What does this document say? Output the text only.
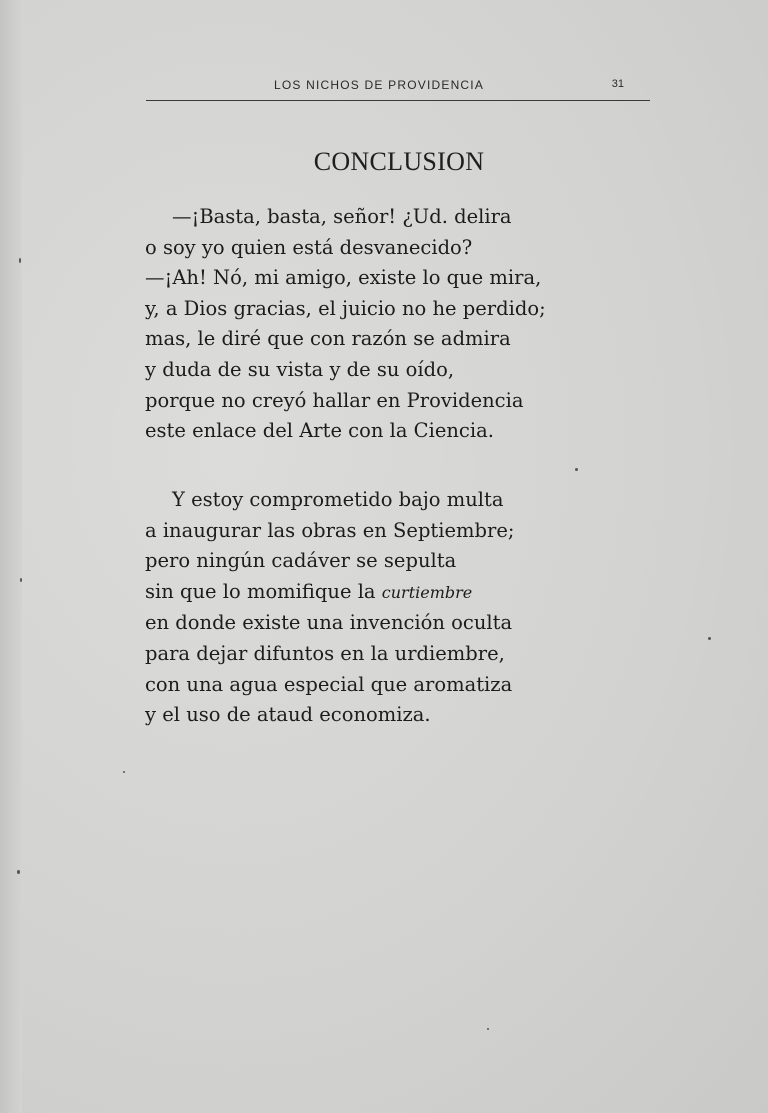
LOS NICHOS DE PROVIDENCIA	31
CONCLUSION
—¡Basta, basta, señor! ¿Ud. delira
o soy yo quien está desvanecido?
—¡Ah! Nó, mi amigo, existe lo que mira,
y, a Dios gracias, el juicio no he perdido;
mas, le diré que con razón se admira
y duda de su vista y de su oído,
porque no creyó hallar en Providencia
este enlace del Arte con la Ciencia.
Y estoy comprometido bajo multa
a inaugurar las obras en Septiembre;
pero ningún cadáver se sepulta
sin que lo momifique la curtiembre
en donde existe una invención oculta
para dejar difuntos en la urdiembre,
con una agua especial que aromatiza
y el uso de ataud economiza.
